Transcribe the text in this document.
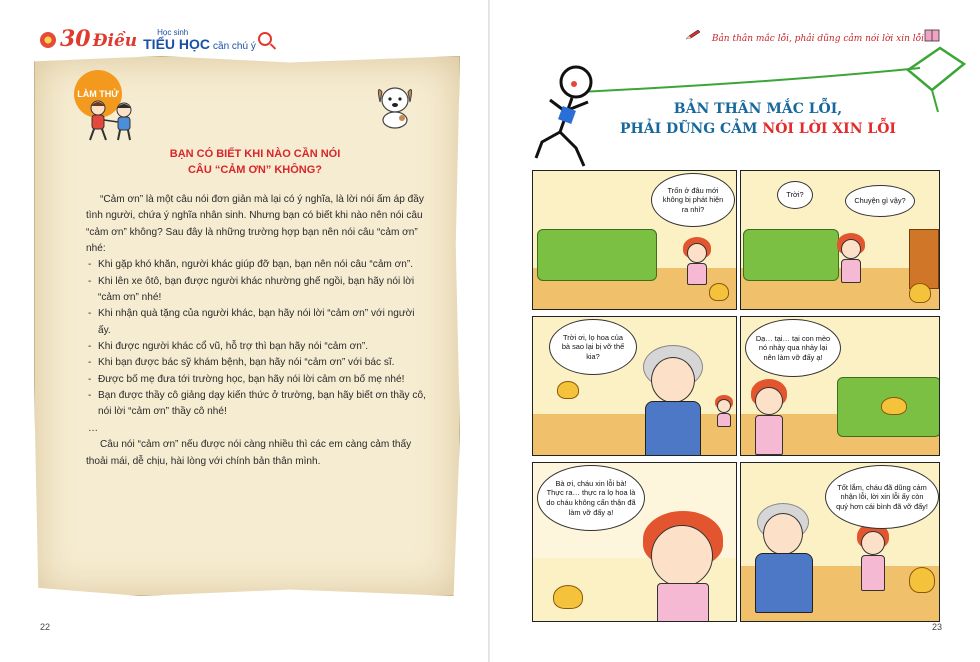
30 Điều	Học sinh
TIỂU HỌC cần chú ý
LÀM THỬ
BẠN CÓ BIẾT KHI NÀO CẦN NÓI
CÂU “CẢM ƠN” KHÔNG?

“Cảm ơn” là một câu nói đơn giản mà lại có ý nghĩa, là lời nói ấm áp đầy tình người, chứa ý nghĩa nhân sinh. Nhưng bạn có biết khi nào nên nói câu “cảm ơn” không? Sau đây là những trường hợp bạn nên nói câu “cảm ơn” nhé:

- Khi gặp khó khăn, người khác giúp đỡ bạn, bạn nên nói câu “cảm ơn”.
- Khi lên xe ôtô, bạn được người khác nhường ghế ngồi, bạn hãy nói lời “cảm ơn” nhé!
- Khi nhận quà tặng của người khác, bạn hãy nói lời “cảm ơn” với người ấy.
- Khi được người khác cổ vũ, hỗ trợ thì bạn hãy nói “cảm ơn”.
- Khi bạn được bác sỹ khám bệnh, bạn hãy nói “cảm ơn” với bác sĩ.
- Được bố mẹ đưa tới trường học, bạn hãy nói lời cảm ơn bố mẹ nhé!
- Bạn được thầy cô giảng dạy kiến thức ở trường, bạn hãy biết ơn thầy cô, nói lời “cảm ơn” thầy cô nhé!
…

Câu nói “cảm ơn” nếu được nói càng nhiều thì các em càng cảm thấy thoải mái, dễ chịu, hài lòng với chính bản thân mình.

22
Bản thân mắc lỗi, phải dũng cảm nói lời xin lỗi
BẢN THÂN MẮC LỖI,
PHẢI DŨNG CẢM NÓI LỜI XIN LỖI
23
Trốn ở đâu mới không bị phát hiện ra nhỉ?
Trời?
Chuyện gì vậy?
Trời ơi, lọ hoa của bà sao lại bị vỡ thế kia?
Dạ… tại… tại con mèo nó nhảy qua nhảy lại nên làm vỡ đấy ạ!
Bà ơi, cháu xin lỗi bà! Thực ra… thực ra lọ hoa là do cháu không cẩn thận đã làm vỡ đấy ạ!
Tốt lắm, cháu đã dũng cảm nhận lỗi, lời xin lỗi ấy còn quý hơn cái bình đã vỡ đấy!
